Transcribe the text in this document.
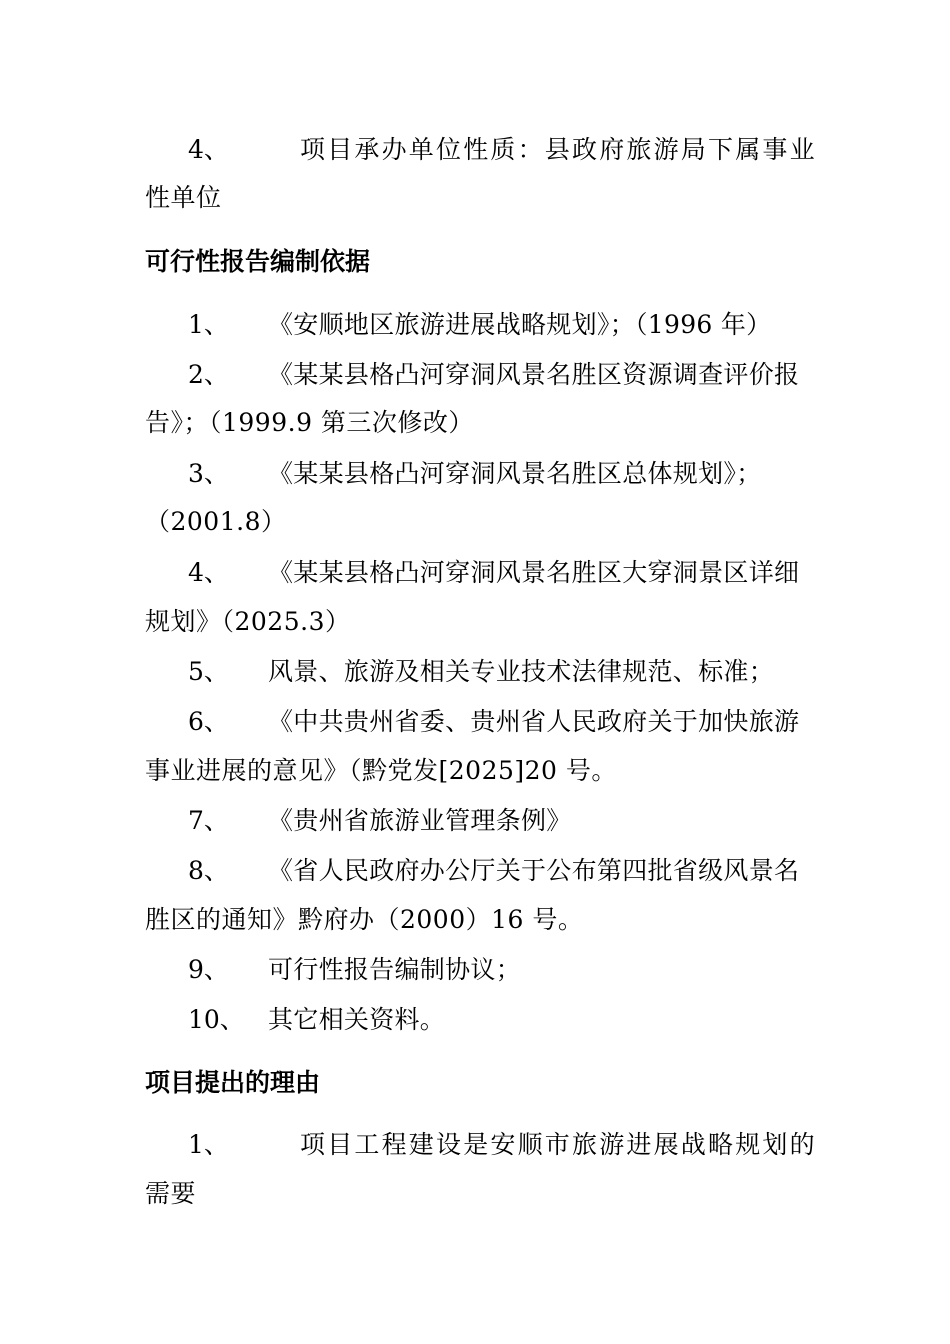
4、	项目承办单位性质：县政府旅游局下属事业
性单位
可行性报告编制依据
1、 《安顺地区旅游进展战略规划》；（1996 年）
2、 《某某县格凸河穿洞风景名胜区资源调查评价报
告》；（1999.9 第三次修改）
3、 《某某县格凸河穿洞风景名胜区总体规划》；
（2001.8）
4、 《某某县格凸河穿洞风景名胜区大穿洞景区详细
规划》（2025.3）
5、 风景、旅游及相关专业技术法律规范、标准；
6、 《中共贵州省委、贵州省人民政府关于加快旅游
事业进展的意见》（黔党发[2025]20 号。
7、 《贵州省旅游业管理条例》
8、 《省人民政府办公厅关于公布第四批省级风景名
胜区的通知》黔府办（2000）16 号。
9、 可行性报告编制协议；
10、 其它相关资料。
项目提出的理由
1、	项目工程建设是安顺市旅游进展战略规划的
需要
